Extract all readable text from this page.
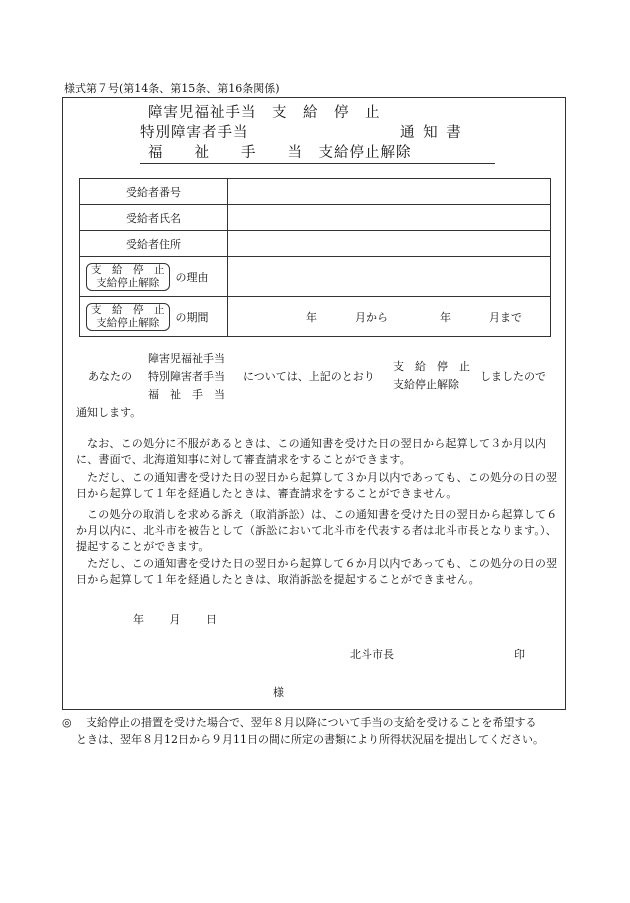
様式第７号(第14条、第15条、第16条関係)
障害児福祉手当　支　給　停　止
特別障害者手当
福　　祉　　手　　当　支給停止解除
通 知 書
受給者番号	
受給者氏名	
受給者住所	

支　給　停　止
支給停止解除 の理由	

支　給　停　止
支給停止解除 の期間	年 月から 年 月まで
あなたの
障害児福祉手当
特別障害者手当
福　祉　手　当
については、上記のとおり
支　給　停　止
支給停止解除
しましたので
通知します。
なお、この処分に不服があるときは、この通知書を受けた日の翌日から起算して３か月以内に、書面で、北海道知事に対して審査請求をすることができます。
ただし、この通知書を受けた日の翌日から起算して３か月以内であっても、この処分の日の翌日から起算して１年を経過したときは、審査請求をすることができません。
この処分の取消しを求める訴え（取消訴訟）は、この通知書を受けた日の翌日から起算して６か月以内に、北斗市を被告として（訴訟において北斗市を代表する者は北斗市長となります。）、提起することができます。
ただし、この通知書を受けた日の翌日から起算して６か月以内であっても、この処分の日の翌日から起算して１年を経過したときは、取消訴訟を提起することができません。
年 月 日
北斗市長	印
様
◎ 支給停止の措置を受けた場合で、翌年８月以降について手当の支給を受けることを希望する
ときは、翌年８月12日から９月11日の間に所定の書類により所得状況届を提出してください。
